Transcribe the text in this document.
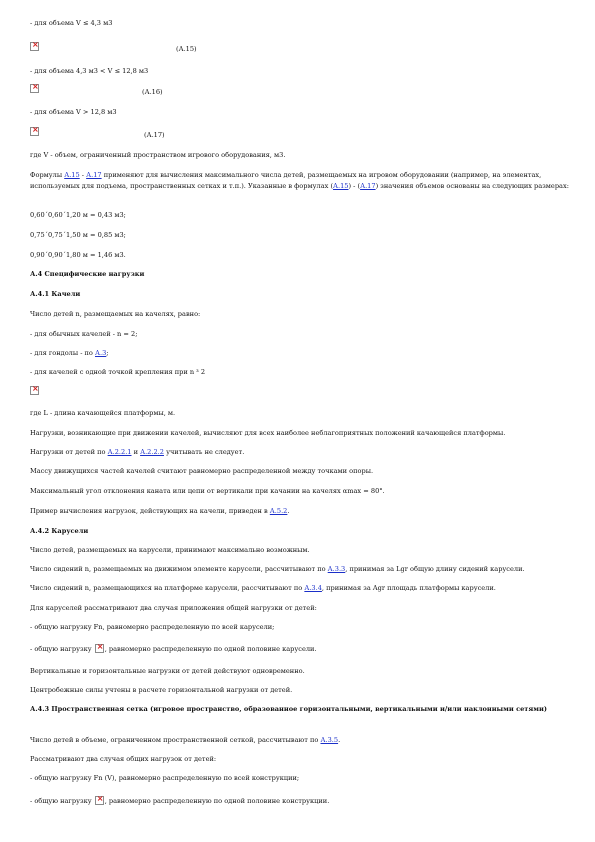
- для объема V ≤ 4,3 м3
×
(А.15)
- для объема 4,3 м3 < V ≤ 12,8 м3
×
(А.16)
- для объема V > 12,8 м3
×
(А.17)
где V - объем, ограниченный пространством игрового оборудования, м3.
Формулы А.15 - А.17 применяют для вычисления максимального числа детей, размещаемых на игровом оборудовании (например, на элементах, используемых для подъема, пространственных сетках и т.п.). Указанные в формулах (А.15) - (А.17) значения объемов основаны на следующих размерах:
0,60´0,60´1,20 м = 0,43 м3;
0,75´0,75´1,50 м = 0,85 м3;
0,90´0,90´1,80 м = 1,46 м3.
А.4 Специфические нагрузки
А.4.1 Качели
Число детей n, размещаемых на качелях, равно:
- для обычных качелей - n = 2;
- для гондолы - по А.3;
- для качелей с одной точкой крепления при n ³ 2
×
где L - длина качающейся платформы, м.
Нагрузки, возникающие при движении качелей, вычисляют для всех наиболее неблагоприятных положений качающейся платформы.
Нагрузки от детей по А.2.2.1 и А.2.2.2 учитывать не следует.
Массу движущихся частей качелей считают равномерно распределенной между точками опоры.
Максимальный угол отклонения каната или цепи от вертикали при качании на качелях αmax = 80°.
Пример вычисления нагрузок, действующих на качели, приведен в А.5.2.
А.4.2 Карусели
Число детей, размещаемых на карусели, принимают максимально возможным.
Число сидений n, размещаемых на движимом элементе карусели, рассчитывают по А.3.3, принимая за Lgr общую длину сидений карусели.
Число сидений n, размещающихся на платформе карусели, рассчитывают по А.3.4, принимая за Agr площадь платформы карусели.
Для каруселей рассматривают два случая приложения общей нагрузки от детей:
- общую нагрузку Fn, равномерно распределенную по всей карусели;
- общую нагрузку ×, равномерно распределенную по одной половине карусели.
Вертикальные и горизонтальные нагрузки от детей действуют одновременно.
Центробежные силы учтены в расчете горизонтальной нагрузки от детей.
А.4.3 Пространственная сетка (игровое пространство, образованное горизонтальными, вертикальными и/или наклонными сетями)
Число детей в объеме, ограниченном пространственной сеткой, рассчитывают по А.3.5.
Рассматривают два случая общих нагрузок от детей:
- общую нагрузку Fn (V), равномерно распределенную по всей конструкции;
- общую нагрузку ×, равномерно распределенную по одной половине конструкции.
